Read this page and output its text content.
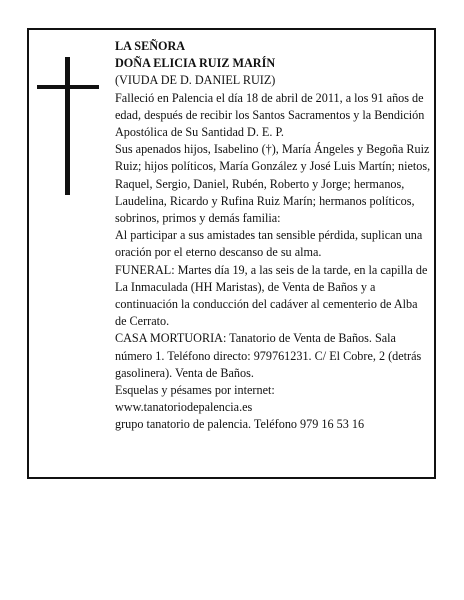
LA SEÑORA

DOÑA ELICIA RUIZ MARÍN

(VIUDA DE D. DANIEL RUIZ)

Falleció en Palencia el día 18 de abril de 2011, a los 91 años de edad, después de recibir los Santos Sacramentos y la Bendición Apostólica de Su Santidad D. E. P.

Sus apenados hijos, Isabelino (†), María Ángeles y Begoña Ruiz Ruiz; hijos políticos, María González y José Luis Martín; nietos, Raquel, Sergio, Daniel, Rubén, Roberto y Jorge; hermanos, Laudelina, Ricardo y Rufina Ruiz Marín; hermanos políticos, sobrinos, primos y demás familia:

Al participar a sus amistades tan sensible pérdida, suplican una oración por el eterno descanso de su alma.

FUNERAL: Martes día 19, a las seis de la tarde, en la capilla de La Inmaculada (HH Maristas), de Venta de Baños y a continuación la conducción del cadáver al cementerio de Alba de Cerrato.

CASA MORTUORIA: Tanatorio de Venta de Baños. Sala número 1. Teléfono directo: 979761231. C/ El Cobre, 2 (detrás gasolinera). Venta de Baños.

Esquelas y pésames por internet:

www.tanatoriodepalencia.es

grupo tanatorio de palencia. Teléfono 979 16 53 16
